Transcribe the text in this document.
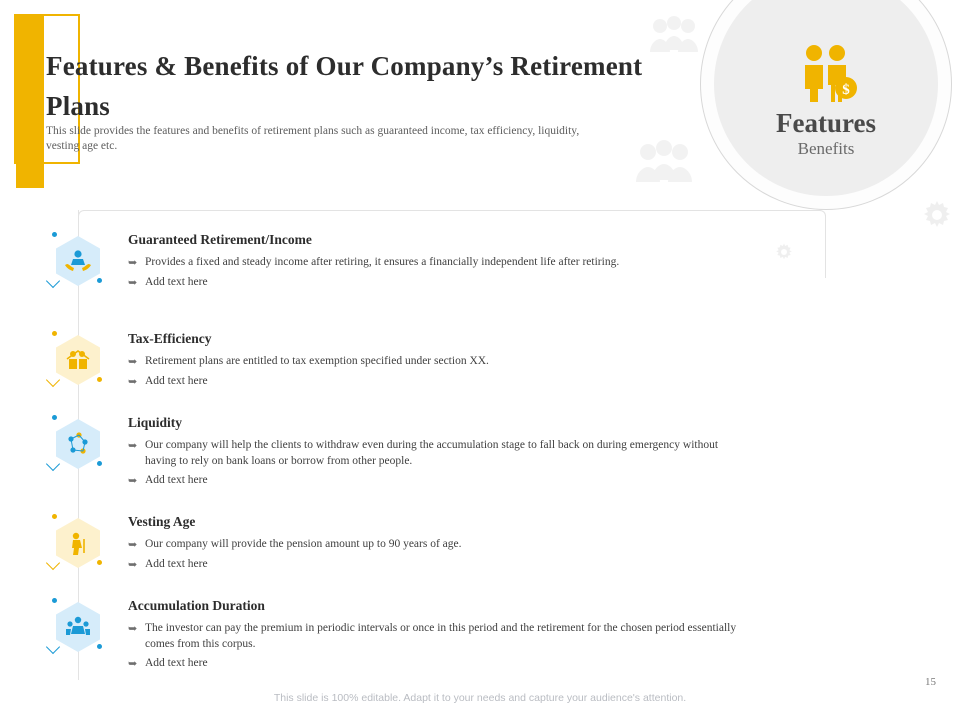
Features & Benefits of Our Company’s Retirement Plans
This slide provides the features and benefits of retirement plans such as guaranteed income, tax efficiency, liquidity, vesting age etc.
$
Features
Benefits
Guaranteed Retirement/Income
➥ Provides a fixed and steady income after retiring, it ensures a financially independent life after retiring.
➥ Add text here
Tax-Efficiency
➥ Retirement plans are entitled to tax exemption specified under section XX.
➥ Add text here
Liquidity
➥ Our company will help the clients to withdraw even during the accumulation stage to fall back on during emergency without having to rely on bank loans or borrow from other people.
➥ Add text here
Vesting Age
➥ Our company will provide the pension amount up to 90 years of age.
➥ Add text here
Accumulation Duration
➥ The investor can pay the premium in periodic intervals or once in this period and the retirement for the chosen period essentially comes from this corpus.
➥ Add text here
15
This slide is 100% editable. Adapt it to your needs and capture your audience's attention.
